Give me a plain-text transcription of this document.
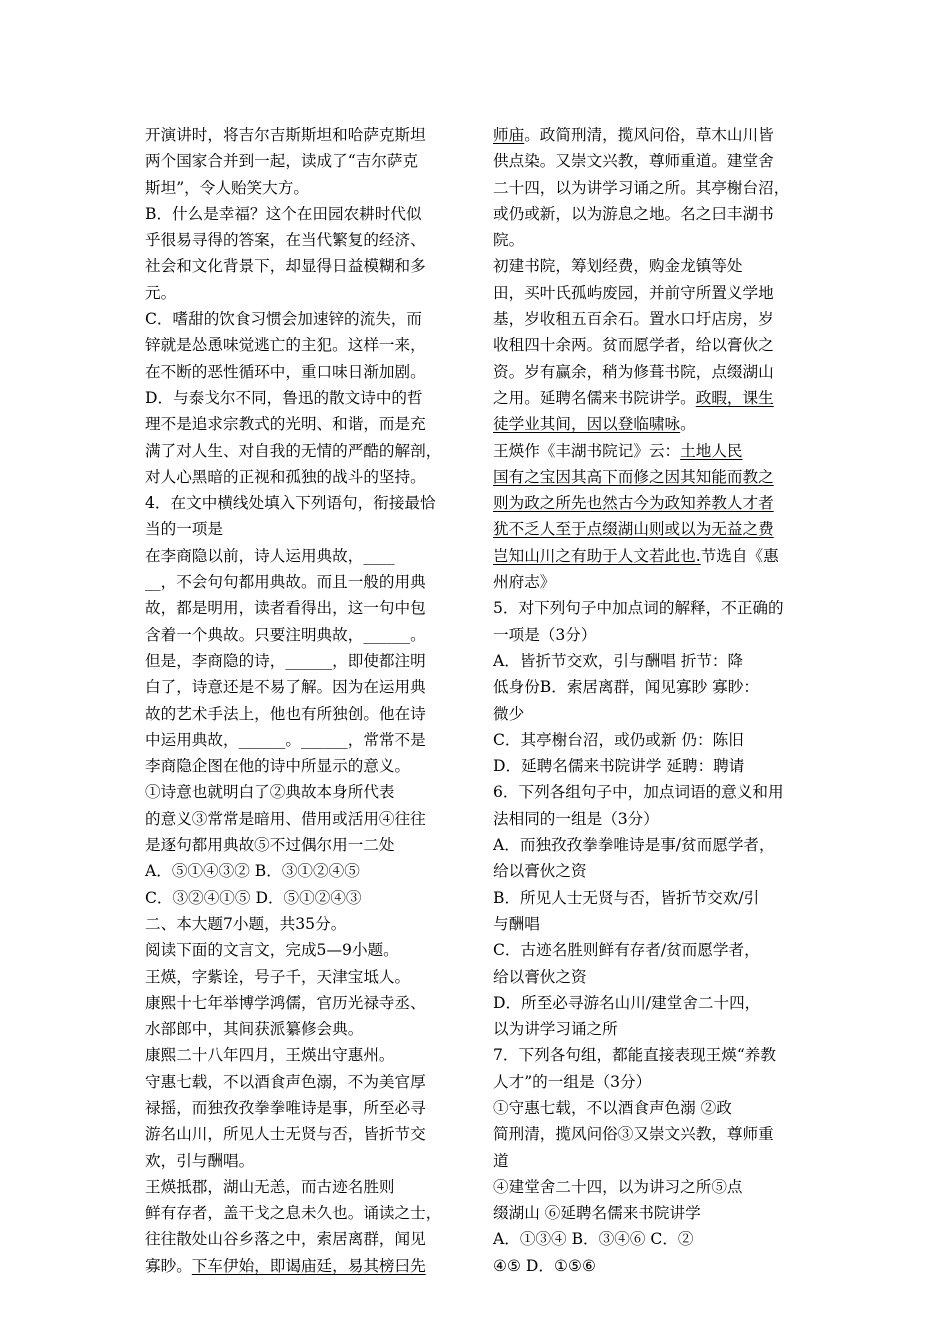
开演讲时，将吉尔吉斯斯坦和哈萨克斯坦
两个国家合并到一起，读成了“吉尔萨克
斯坦”，令人贻笑大方。
B．什么是幸福？这个在田园农耕时代似
乎很易寻得的答案，在当代繁复的经济、
社会和文化背景下，却显得日益模糊和多
元。
C．嗜甜的饮食习惯会加速锌的流失，而
锌就是怂恿味觉逃亡的主犯。这样一来，
在不断的恶性循环中，重口味日渐加剧。
D．与泰戈尔不同，鲁迅的散文诗中的哲
理不是追求宗教式的光明、和谐，而是充
满了对人生、对自我的无情的严酷的解剖，
对人心黑暗的正视和孤独的战斗的坚持。
4．在文中横线处填入下列语句，衔接最恰
当的一项是
在李商隐以前，诗人运用典故，____
__，不会句句都用典故。而且一般的用典
故，都是明用，读者看得出，这一句中包
含着一个典故。只要注明典故，______。
但是，李商隐的诗，______，即使都注明
白了，诗意还是不易了解。因为在运用典
故的艺术手法上，他也有所独创。他在诗
中运用典故，______。______，常常不是
李商隐企图在他的诗中所显示的意义。
①诗意也就明白了②典故本身所代表
的意义③常常是暗用、借用或活用④往往
是逐句都用典故⑤不过偶尔用一二处
A．⑤①④③② B．③①②④⑤
C．③②④①⑤ D．⑤①②④③
二、本大题7小题，共35分。
阅读下面的文言文，完成5—9小题。
王煐，字紫诠，号子千，天津宝坻人。
康熙十七年举博学鸿儒，官历光禄寺丞、
水部郎中，其间获派纂修会典。
康熙二十八年四月，王煐出守惠州。
守惠七载，不以酒食声色溺，不为美官厚
禄摇，而独孜孜拳拳唯诗是事，所至必寻
游名山川，所见人士无贤与否，皆折节交
欢，引与酬唱。
王煐抵郡，湖山无恙，而古迹名胜则
鲜有存者，盖干戈之息未久也。诵读之士，
往往散处山谷乡落之中，索居离群，闻见
寡眇。下车伊始，即谒庙廷，易其榜曰先
师庙。政简刑清，揽风问俗，草木山川皆
供点染。又崇文兴教，尊师重道。建堂舍
二十四，以为讲学习诵之所。其亭榭台沼，
或仍或新，以为游息之地。名之曰丰湖书
院。
初建书院，筹划经费，购金龙镇等处
田，买叶氏孤屿废园，并前守所置义学地
基，岁收租五百余石。置水口圩店房，岁
收租四十余两。贫而愿学者，给以膏伙之
资。岁有赢余，稍为修葺书院，点缀湖山
之用。延聘名儒来书院讲学。政暇，课生
徒学业其间，因以登临啸咏。
王煐作《丰湖书院记》云：土地人民
国有之宝因其高下而修之因其知能而教之
则为政之所先也然古今为政知养教人才者
犹不乏人至于点缀湖山则或以为无益之费
岂知山川之有助于人文若此也.节选自《惠
州府志》
5．对下列句子中加点词的解释，不正确的
一项是（3分）
A．皆折节交欢，引与酬唱 折节：降
低身份B．索居离群，闻见寡眇 寡眇：
微少
C．其亭榭台沼，或仍或新 仍：陈旧
D．延聘名儒来书院讲学 延聘：聘请
6．下列各组句子中，加点词语的意义和用
法相同的一组是（3分）
A．而独孜孜拳拳唯诗是事/贫而愿学者，
给以膏伙之资
B．所见人士无贤与否，皆折节交欢/引
与酬唱
C．古迹名胜则鲜有存者/贫而愿学者，
给以膏伙之资
D．所至必寻游名山川/建堂舍二十四，
以为讲学习诵之所
7．下列各句组，都能直接表现王煐“养教
人才”的一组是（3分）
①守惠七载，不以酒食声色溺 ②政
简刑清，揽风问俗③又崇文兴教，尊师重
道
④建堂舍二十四，以为讲习之所⑤点
缀湖山 ⑥延聘名儒来书院讲学
A．①③④ B．③④⑥ C．②
④⑤ D．①⑤⑥
